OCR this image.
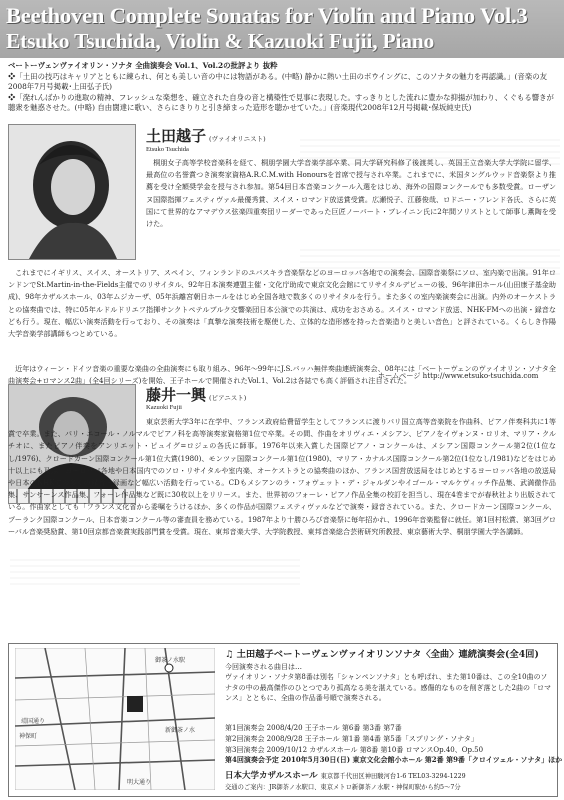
Beethoven Complete Sonatas for Violin and Piano Vol.3
Etsuko Tsuchida, Violin & Kazuoki Fujii, Piano

ベートーヴェンヴァイオリン・ソナタ 全曲演奏会 Vol.1、Vol.2の批評より 抜粋

❖「土田の技巧はキャリアとともに練られ、何とも美しい音の中には物語がある。(中略) 静かに熱い土田のボウイングに、このソナタの魅力を再認識。」(音楽の友2008年7月号掲載･上田弘子氏)

❖「溌れんばかりの進取の精神、フレッシュな楽想を、確立された自身の音と構築性で見事に表現した。すっきりとした流れに豊かな抑揚が加わり、くぐもる響きが聴衆を魅惑させた。(中略) 自由闊達に歌い、さらにきりりと引き締まった造形を聴かせていた。」(音楽現代2008年12月号掲載･保坂純史氏)

土田越子 (ヴァイオリニスト)
Etsuko Tsuchida

桐朋女子高等学校音楽科を経て、桐朋学園大学音楽学部卒業、同大学研究科修了後渡英し、英国王立音楽大学大学院に留学、最高位の名誉賞つき演奏家資格A.R.C.M.with Honoursを首席で授与され卒業。これまでに、米国タングルウッド音楽祭より推薦を受け全額奨学金を授与され参加。第54回日本音楽コンクール入選をはじめ、海外の国際コンクールでも多数受賞。ローザンヌ国際指揮フェスティヴァル最優秀賞、スイス・ロマンド放送賞受賞。広瀬悦子、江藤俊哉、ロドニー・フレンド各氏、さらに英国にて世界的なアマデウス弦楽四重奏団リーダーであった巨匠ノーバート・ブレイニン氏に2年間ソリストとして師事し薫陶を受けた。

これまでにイギリス、スイス、オーストリア、スペイン、フィンランドのユバスキラ音楽祭などのヨーロッパ各地での演奏会、国際音楽祭にソロ、室内楽で出演。91年ロンドンでSt.Martin-in-the-Fields主催でのリサイタル、92年日本演奏連盟主催・文化庁助成で東京文化会館にてリサイタルデビューの後、96年津田ホール(山田康子基金助成)、98年カザルスホール、03年ムジカーザ、05年浜離宮朝日ホールをはじめ全国各地で数多くのリサイタルを行う。また多くの室内楽演奏会に出演。内外のオーケストラとの協奏曲では、特に05年ルドルドリエフ指揮サンクトペテルブルク交響楽団日本公演での共演は、成功をおさめる。スイス・ロマンド放送、NHK-FMへの出演・録音なども行う。現在、幅広い演奏活動を行っており、その演奏は「真摯な演奏技術を駆使した、立体的な造形感を持った音楽造りと美しい音色」と評されている。くらしき作陽大学音楽学部講師もつとめている。

近年はウィーン・ドイツ音楽の重要な楽曲の全曲演奏にも取り組み、96年～99年にJ.S.バッハ無伴奏曲連続演奏会、08年には「ベートーヴェンのヴァイオリン・ソナタ全曲演奏会+ロマンス2曲」(全4回シリーズ)を開始、王子ホールで開催されたVol.1、Vol.2は各誌でも高く評価され注目された。

ホームページ http://www.etsuko-tsuchida.com
藤井一興 (ピアニスト)
Kazuoki Fujii

東京芸術大学3年に在学中、フランス政府給費留学生としてフランスに渡りパリ国立高等音楽院を作曲科、ピアノ伴奏科共に1等賞で卒業。また、パリ・エコール・ノルマルでピアノ科を高等演奏家資格第1位で卒業。その間、作曲をオリヴィエ・メシアン、ピアノをイヴォンヌ・ロリオ、マリア・クルチオに、またピアノ伴奏をアンリエット・ピュイグ=ロジェの各氏に師事。1976年以来入賞した国際ピアノ・コンクールは、メシアン国際コンクール第2位(1位なし/1976)、クロードカーン国際コンクール第1位大賞(1980)、モンツァ国際コンクール第1位(1980)、マリア・カナルス国際コンクール第2位(1位なし/1981)などをはじめ十以上にも及ぶ。ヨーロッパ各地や日本国内でのソロ・リサイタルや室内楽、オーケストラとの協奏曲のほか、フランス国営放送局をはじめとするヨーロッパ各地の放送局や日本のNHKでの多くの録音・録画など幅広い活動を行っている。CDもメシアンのラ・フォヴェット・デ・ジャルダンやイゴール・マルケヴィッチ作品集、武満徹作品集、サンサーンス作品集、フォーレ作品集など既に30枚以上をリリース。また、世界初のフォーレ・ピアノ作品全集の校訂を担当し、現在4巻までが春秋社より出版されている。作曲家としても「フランス文化省から委嘱をうけるほか、多くの作品が国際フェスティヴァルなどで演奏・録音されている。また、クロードカーン国際コンクール、プーランク国際コンクール、日本音楽コンクール等の審査員を務めている。1987年より十勝ひろび音楽祭に毎年招かれ、1996年音楽監督に就任。第1回村松賞、第3回グローバル音楽奨励賞、第10回京都音楽賞実践部門賞を受賞。現在、東邦音楽大学、大学院教授、東邦音楽総合芸術研究所教授、東京藝術大学、桐朋学園大学各講師。

神保町
明大通り
靖国通り
御茶ノ水駅
新御茶ノ水
♫ 土田越子ベートーヴェンヴァイオリンソナタ〈全曲〉連続演奏会(全4回)

今回演奏される曲目は…

ヴァイオリン・ソナタ第8番は別名「シャンペンソナタ」とも呼ばれ、また第10番は、この全10曲のソナタの中の最高傑作のひとつであり孤高なる美を湛えている。感傷的なものを削ぎ落とした2曲の「ロマンス」とともに、全曲の作品番号順で演奏される。

第1回演奏会 2008/4/20 王子ホール 第6番 第3番 第7番
第2回演奏会 2008/9/28 王子ホール 第1番 第4番 第5番「スプリング・ソナタ」
第3回演奏会 2009/10/12 カザルスホール 第8番 第10番 ロマンスOp.40、Op.50
第4回演奏会予定 2010年5月30日(日) 東京文化会館小ホール 第2番 第9番「クロイツェル・ソナタ」ほか
日本大学カザルスホール 東京都千代田区神田駿河台1-6 TEL03-3294-1229
交通のご案内：JR御茶ノ水駅口、東京メトロ新御茶ノ水駅・神保町駅から約5～7分
